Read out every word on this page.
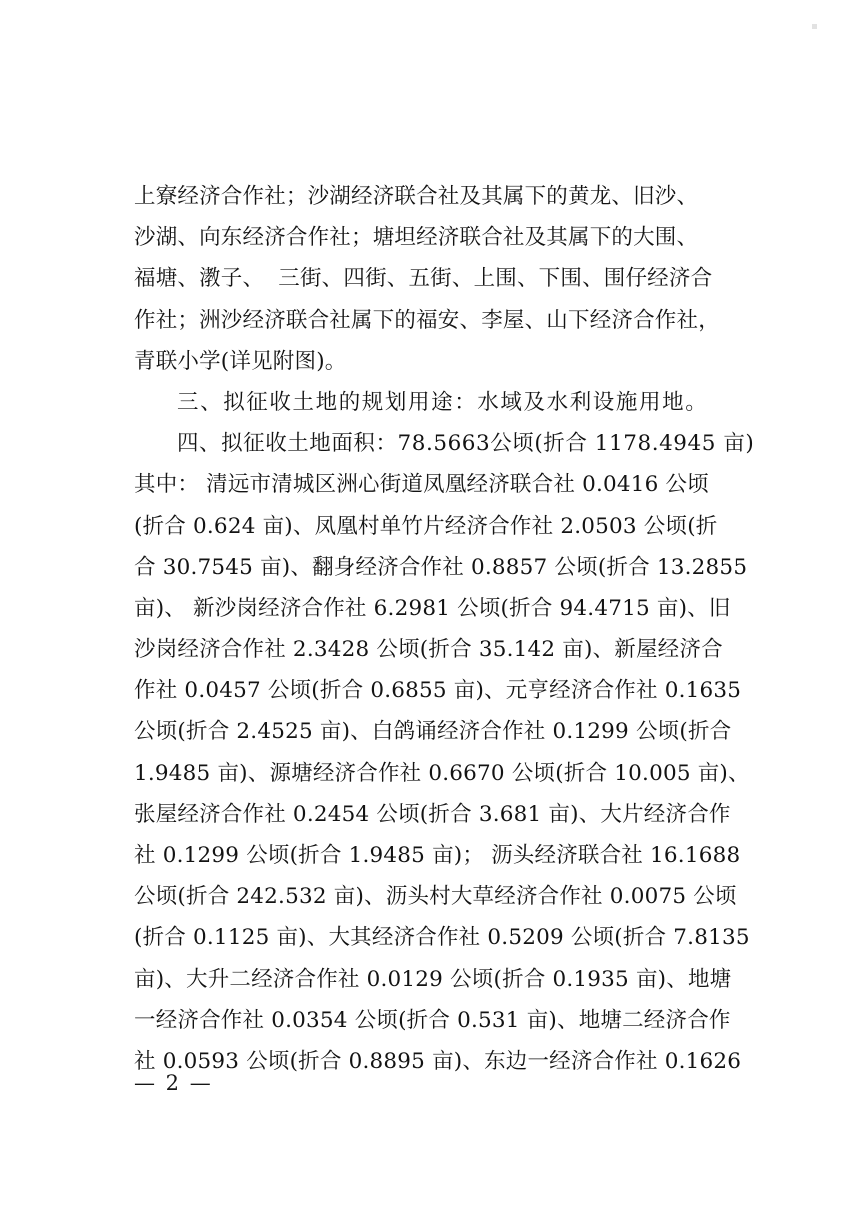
上寮经济合作社；沙湖经济联合社及其属下的黄龙、旧沙、
沙湖、向东经济合作社；塘坦经济联合社及其属下的大围、
福塘、漖子、  三街、四街、五街、上围、下围、围仔经济合
作社；洲沙经济联合社属下的福安、李屋、山下经济合作社，
青联小学(详见附图)。
三、拟征收土地的规划用途：水域及水利设施用地。
四、拟征收土地面积：78.5663公顷(折合 1178.4945 亩)
其中： 清远市清城区洲心街道凤凰经济联合社 0.0416 公顷
(折合 0.624 亩)、凤凰村单竹片经济合作社 2.0503 公顷(折
合 30.7545 亩)、翻身经济合作社 0.8857 公顷(折合 13.2855
亩)、 新沙岗经济合作社 6.2981 公顷(折合 94.4715 亩)、旧
沙岗经济合作社 2.3428 公顷(折合 35.142 亩)、新屋经济合
作社 0.0457 公顷(折合 0.6855 亩)、元亨经济合作社 0.1635
公顷(折合 2.4525 亩)、白鸽诵经济合作社 0.1299 公顷(折合
1.9485 亩)、源塘经济合作社 0.6670 公顷(折合 10.005 亩)、
张屋经济合作社 0.2454 公顷(折合 3.681 亩)、大片经济合作
社 0.1299 公顷(折合 1.9485 亩)； 沥头经济联合社 16.1688
公顷(折合 242.532 亩)、沥头村大草经济合作社 0.0075 公顷
(折合 0.1125 亩)、大其经济合作社 0.5209 公顷(折合 7.8135
亩)、大升二经济合作社 0.0129 公顷(折合 0.1935 亩)、地塘
一经济合作社 0.0354 公顷(折合 0.531 亩)、地塘二经济合作
社 0.0593 公顷(折合 0.8895 亩)、东边一经济合作社 0.1626
— 2 —
